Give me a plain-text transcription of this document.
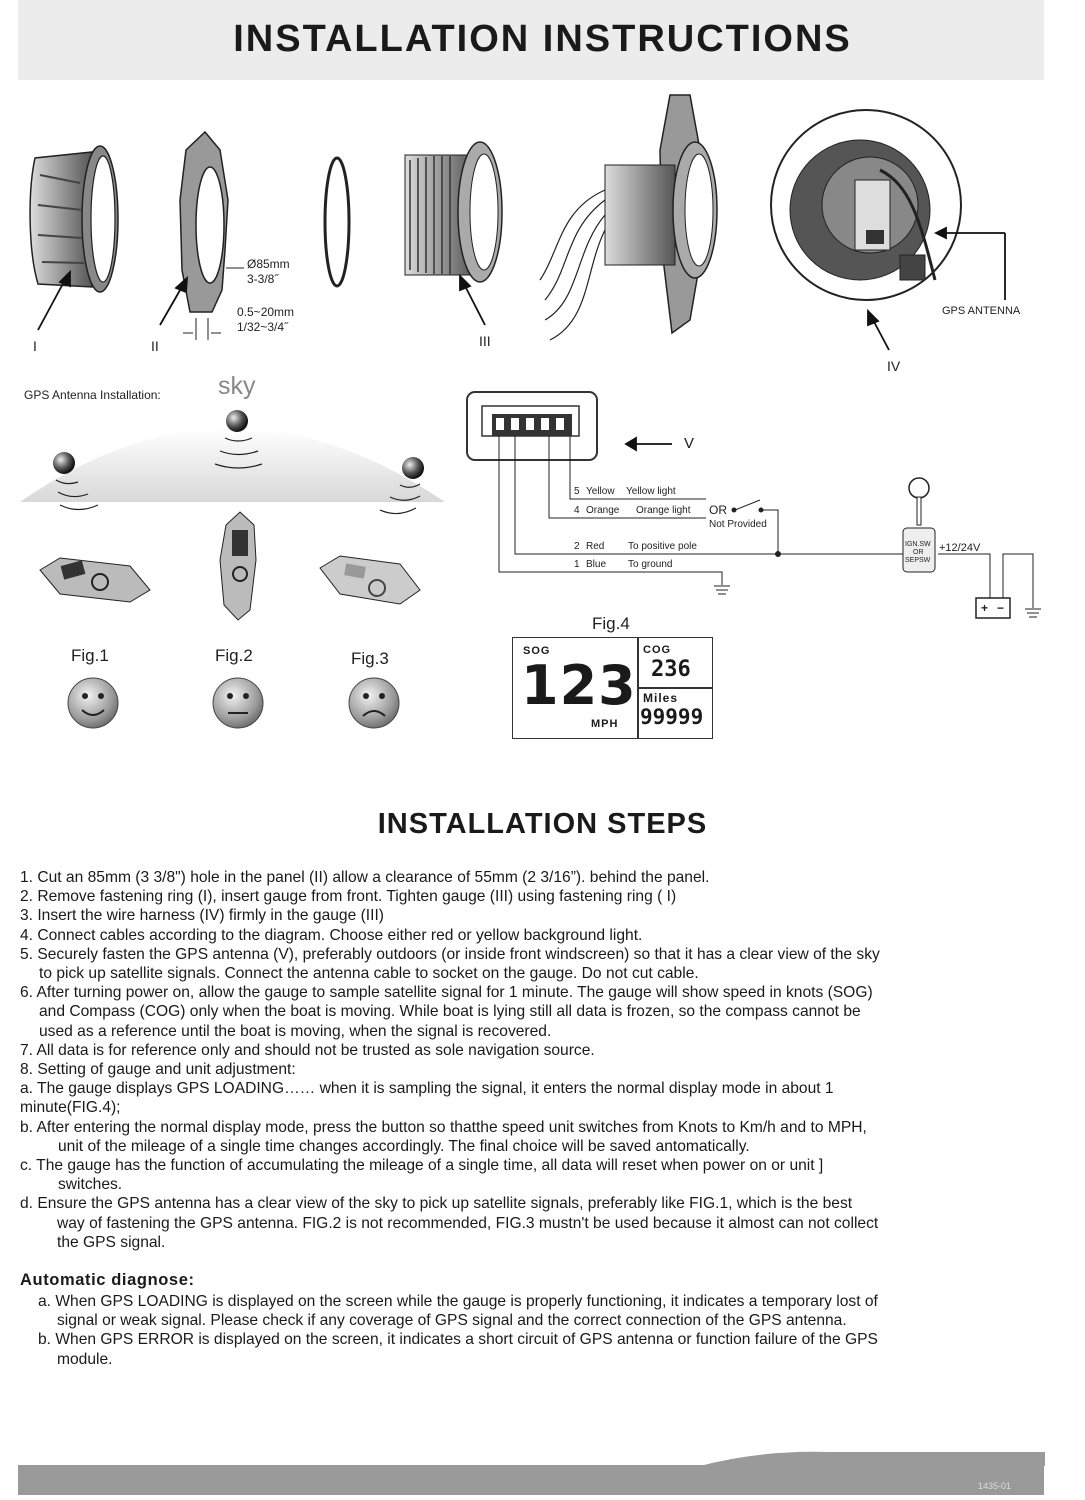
INSTALLATION INSTRUCTIONS
Ø85mm
3-3/8˝
0.5~20mm
1/32~3/4˝
I	II	III
IV
GPS ANTENNA
GPS Antenna Installation: sky
Fig.1	Fig.2	Fig.3
V
5 Yellow Yellow light
4 Orange Orange light
2 Red To positive pole
1 Blue To ground
OR
Not Provided
IGN.SW
OR
SEPSW
+12/24V
+ −
Fig.4
SOG
123
MPH
COG
236
Miles
99999
INSTALLATION STEPS
1. Cut an 85mm (3 3/8") hole in the panel (II) allow a clearance of 55mm (2 3/16”). behind the panel.
2. Remove fastening ring (I), insert gauge from front. Tighten gauge (III) using fastening ring ( I)
3. Insert the wire harness (IV) firmly in the gauge (III)
4. Connect cables according to the diagram. Choose either red or yellow background light.
5. Securely fasten the GPS antenna (V), preferably outdoors (or inside front windscreen) so that it has a clear view of the sky
to pick up satellite signals. Connect the antenna cable to socket on the gauge. Do not cut cable.
6. After turning power on, allow the gauge to sample satellite signal for 1 minute. The gauge will show speed in knots (SOG)
and Compass (COG) only when the boat is moving. While boat is lying still all data is frozen, so the compass cannot be
used as a reference until the boat is moving, when the signal is recovered.
7. All data is for reference only and should not be trusted as sole navigation source.
8. Setting of gauge and unit adjustment:
a. The gauge displays GPS LOADING…… when it is sampling the signal, it enters the normal display mode in about 1
minute(FIG.4);
b. After entering the normal display mode, press the button so thatthe speed unit switches from Knots to Km/h and to MPH,
unit of the mileage of a single time changes accordingly. The final choice will be saved antomatically.
c. The gauge has the function of accumulating the mileage of a single time, all data will reset when power on or unit ]
switches.
d. Ensure the GPS antenna has a clear view of the sky to pick up satellite signals, preferably like FIG.1, which is the best
way of fastening the GPS antenna. FIG.2 is not recommended, FIG.3 mustn't be used because it almost can not collect
the GPS signal.
Automatic diagnose:
a. When GPS LOADING is displayed on the screen while the gauge is properly functioning, it indicates a temporary lost of
signal or weak signal. Please check if any coverage of GPS signal and the correct connection of the GPS antenna.
b. When GPS ERROR is displayed on the screen, it indicates a short circuit of GPS antenna or function failure of the GPS
module.
1435-01
